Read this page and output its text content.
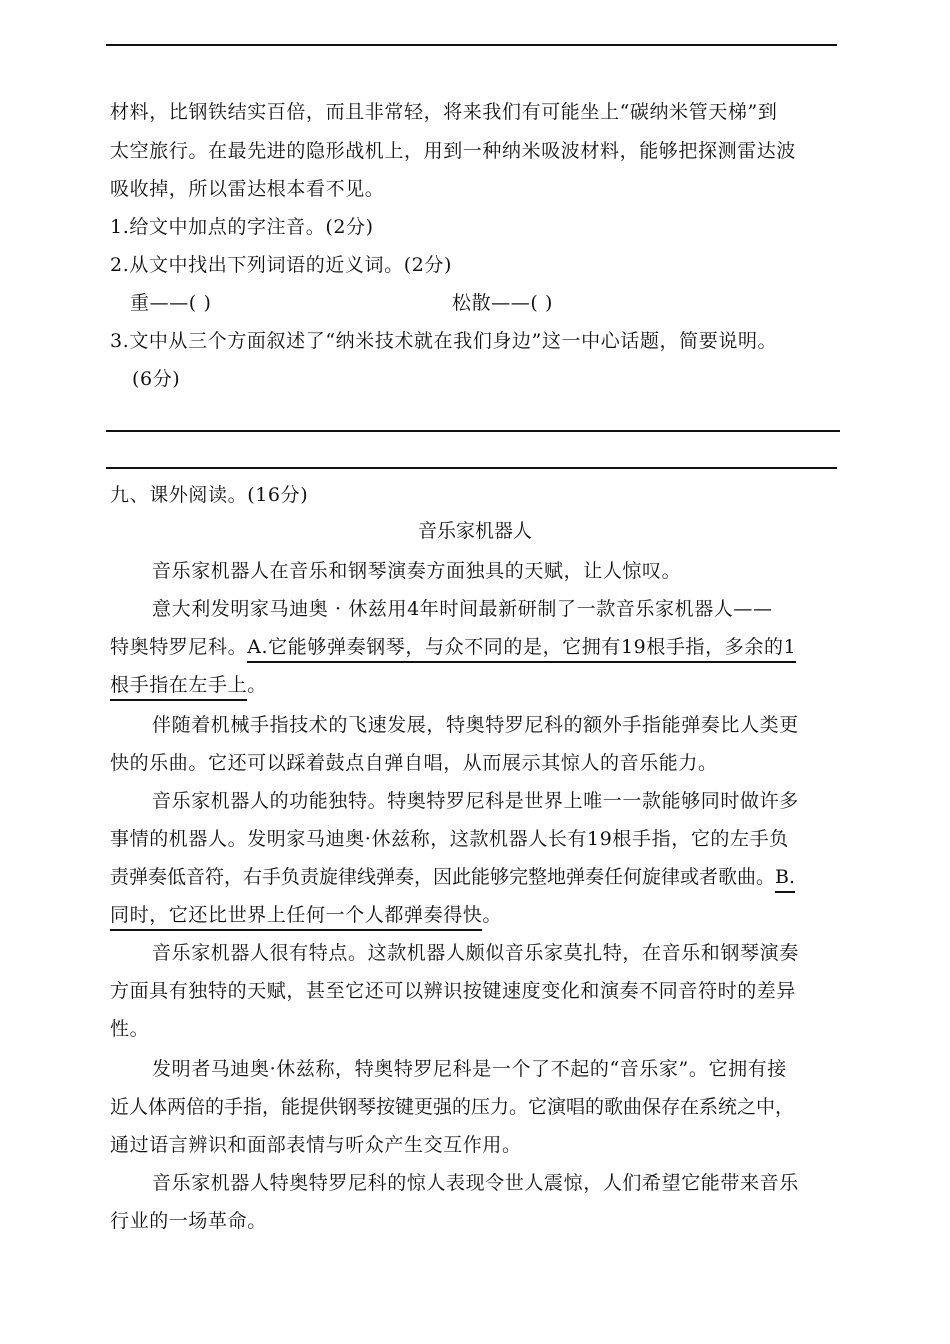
材料，比钢铁结实百倍，而且非常轻，将来我们有可能坐上“碳纳米管天梯”到
太空旅行。在最先进的隐形战机上，用到一种纳米吸波材料，能够把探测雷达波
吸收掉，所以雷达根本看不见。
1.给文中加点的字注音。(2分)
2.从文中找出下列词语的近义词。(2分)
重——( )	松散——( )
3.文中从三个方面叙述了“纳米技术就在我们身边”这一中心话题，简要说明。
(6分)
九、课外阅读。(16分)
音乐家机器人
音乐家机器人在音乐和钢琴演奏方面独具的天赋，让人惊叹。
意大利发明家马迪奥 · 休兹用4年时间最新研制了一款音乐家机器人——
特奥特罗尼科。A.它能够弹奏钢琴，与众不同的是，它拥有19根手指，多余的1
根手指在左手上。
伴随着机械手指技术的飞速发展，特奥特罗尼科的额外手指能弹奏比人类更
快的乐曲。它还可以踩着鼓点自弹自唱，从而展示其惊人的音乐能力。
音乐家机器人的功能独特。特奥特罗尼科是世界上唯一一款能够同时做许多
事情的机器人。发明家马迪奥·休兹称，这款机器人长有19根手指，它的左手负
责弹奏低音符，右手负责旋律线弹奏，因此能够完整地弹奏任何旋律或者歌曲。B.
同时，它还比世界上任何一个人都弹奏得快。
音乐家机器人很有特点。这款机器人颇似音乐家莫扎特，在音乐和钢琴演奏
方面具有独特的天赋，甚至它还可以辨识按键速度变化和演奏不同音符时的差异
性。
发明者马迪奥·休兹称，特奥特罗尼科是一个了不起的“音乐家”。它拥有接
近人体两倍的手指，能提供钢琴按键更强的压力。它演唱的歌曲保存在系统之中，
通过语言辨识和面部表情与听众产生交互作用。
音乐家机器人特奥特罗尼科的惊人表现令世人震惊，人们希望它能带来音乐
行业的一场革命。
